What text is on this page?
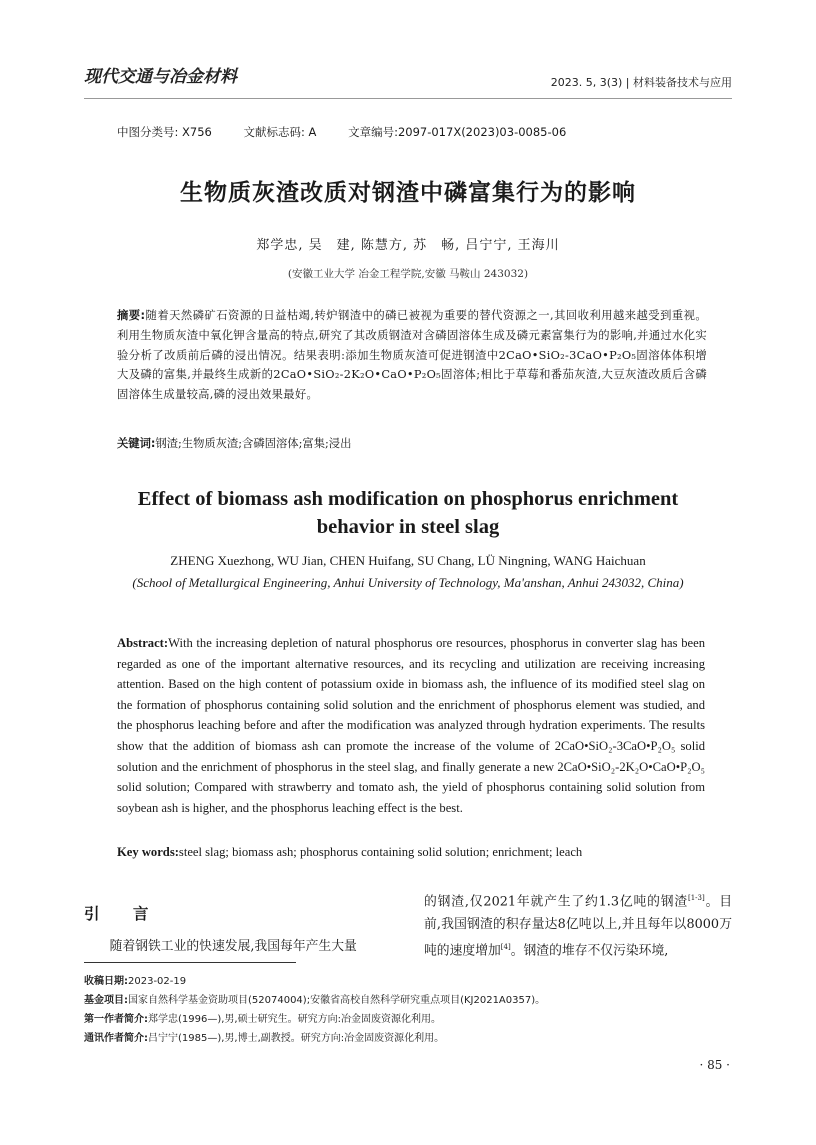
现代交通与冶金材料	2023. 5, 3(3) | 材料装备技术与应用
中图分类号: X756	文献标志码: A	文章编号:2097-017X(2023)03-0085-06
生物质灰渣改质对钢渣中磷富集行为的影响
郑学忠, 吴　建, 陈慧方, 苏　畅, 吕宁宁, 王海川
(安徽工业大学 冶金工程学院,安徽 马鞍山 243032)
摘要:随着天然磷矿石资源的日益枯竭,转炉钢渣中的磷已被视为重要的替代资源之一,其回收利用越来越受到重视。利用生物质灰渣中氧化钾含量高的特点,研究了其改质钢渣对含磷固溶体生成及磷元素富集行为的影响,并通过水化实验分析了改质前后磷的浸出情况。结果表明:添加生物质灰渣可促进钢渣中2CaO•SiO₂-3CaO•P₂O₅固溶体体积增大及磷的富集,并最终生成新的2CaO•SiO₂-2K₂O•CaO•P₂O₅固溶体;相比于草莓和番茄灰渣,大豆灰渣改质后含磷固溶体生成量较高,磷的浸出效果最好。
关键词:钢渣;生物质灰渣;含磷固溶体;富集;浸出
Effect of biomass ash modification on phosphorus enrichment
behavior in steel slag
ZHENG Xuezhong, WU Jian, CHEN Huifang, SU Chang, LÜ Ningning, WANG Haichuan
(School of Metallurgical Engineering, Anhui University of Technology, Ma'anshan, Anhui 243032, China)
Abstract:With the increasing depletion of natural phosphorus ore resources, phosphorus in converter slag has been regarded as one of the important alternative resources, and its recycling and utilization are receiving increasing attention. Based on the high content of potassium oxide in biomass ash, the influence of its modified steel slag on the formation of phosphorus containing solid solution and the enrichment of phosphorus element was studied, and the phosphorus leaching before and after the modification was analyzed through hydration experiments. The results show that the addition of biomass ash can promote the increase of the volume of 2CaO•SiO₂-3CaO•P₂O₅ solid solution and the enrichment of phosphorus in the steel slag, and finally generate a new 2CaO•SiO₂-2K₂O•CaO•P₂O₅ solid solution; Compared with strawberry and tomato ash, the yield of phosphorus containing solid solution from soybean ash is higher, and the phosphorus leaching effect is the best.
Key words:steel slag; biomass ash; phosphorus containing solid solution; enrichment; leach
引 言
随着钢铁工业的快速发展,我国每年产生大量
的钢渣,仅2021年就产生了约1.3亿吨的钢渣[1-3]。目前,我国钢渣的积存量达8亿吨以上,并且每年以8000万吨的速度增加[4]。钢渣的堆存不仅污染环境,
收稿日期:2023-02-19
基金项目:国家自然科学基金资助项目(52074004);安徽省高校自然科学研究重点项目(KJ2021A0357)。
第一作者简介:郑学忠(1996—),男,硕士研究生。研究方向:冶金固废资源化利用。
通讯作者简介:吕宁宁(1985—),男,博士,副教授。研究方向:冶金固废资源化利用。
· 85 ·
